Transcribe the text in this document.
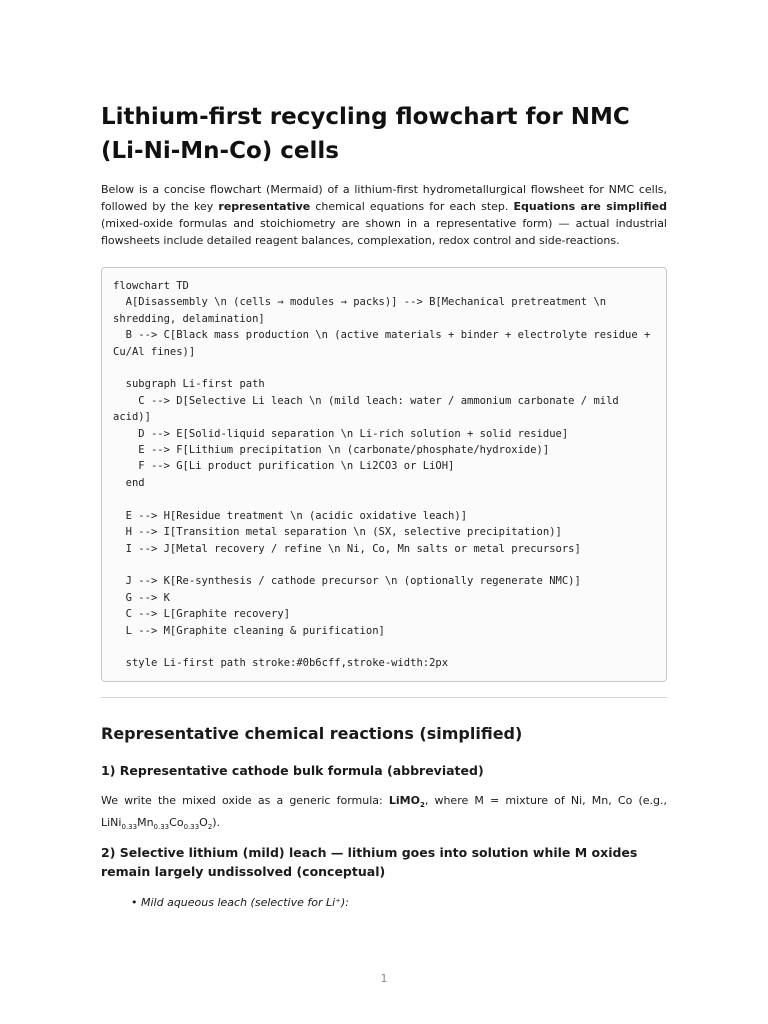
Lithium-first recycling flowchart for NMC (Li-Ni-Mn-Co) cells

Below is a concise flowchart (Mermaid) of a lithium-first hydrometallurgical flowsheet for NMC cells, followed by the key representative chemical equations for each step. Equations are simplified (mixed-oxide formulas and stoichiometry are shown in a representative form) — actual industrial flowsheets include detailed reagent balances, complexation, redox control and side-reactions.

flowchart TD
A[Disassembly \n (cells → modules → packs)] --> B[Mechanical pretreatment \n shredding, delamination]
B --> C[Black mass production \n (active materials + binder + electrolyte residue + Cu/Al fines)]

subgraph Li-first path
C --> D[Selective Li leach \n (mild leach: water / ammonium carbonate / mild acid)]
D --> E[Solid-liquid separation \n Li-rich solution + solid residue]
E --> F[Lithium precipitation \n (carbonate/phosphate/hydroxide)]
F --> G[Li product purification \n Li2CO3 or LiOH]
end

E --> H[Residue treatment \n (acidic oxidative leach)]
H --> I[Transition metal separation \n (SX, selective precipitation)]
I --> J[Metal recovery / refine \n Ni, Co, Mn salts or metal precursors]

J --> K[Re-synthesis / cathode precursor \n (optionally regenerate NMC)]
G --> K
C --> L[Graphite recovery]
L --> M[Graphite cleaning & purification]

style Li-first path stroke:#0b6cff,stroke-width:2px
Representative chemical reactions (simplified)
1) Representative cathode bulk formula (abbreviated)

We write the mixed oxide as a generic formula: LiMO$_2$, where M = mixture of Ni, Mn, Co (e.g., $LiNi_{0.33}Mn_{0.33}Co_{0.33}O_2$).

2) Selective lithium (mild) leach — lithium goes into solution while M oxides remain largely undissolved (conceptual)
• Mild aqueous leach (selective for Li⁺):
1
